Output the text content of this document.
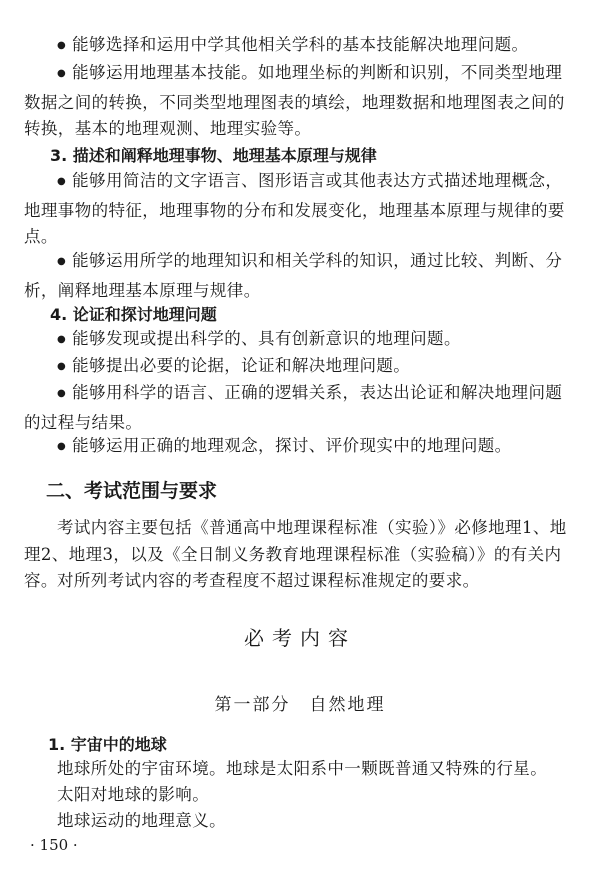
● 能够选择和运用中学其他相关学科的基本技能解决地理问题。

● 能够运用地理基本技能。如地理坐标的判断和识别，不同类型地理数据之间的转换，不同类型地理图表的填绘，地理数据和地理图表之间的转换，基本的地理观测、地理实验等。

3. 描述和阐释地理事物、地理基本原理与规律

● 能够用简洁的文字语言、图形语言或其他表达方式描述地理概念，地理事物的特征，地理事物的分布和发展变化，地理基本原理与规律的要点。

● 能够运用所学的地理知识和相关学科的知识，通过比较、判断、分析，阐释地理基本原理与规律。

4. 论证和探讨地理问题

● 能够发现或提出科学的、具有创新意识的地理问题。

● 能够提出必要的论据，论证和解决地理问题。

● 能够用科学的语言、正确的逻辑关系，表达出论证和解决地理问题的过程与结果。

● 能够运用正确的地理观念，探讨、评价现实中的地理问题。

二、考试范围与要求

考试内容主要包括《普通高中地理课程标准（实验）》必修地理1、地理2、地理3，以及《全日制义务教育地理课程标准（实验稿）》的有关内容。 对所列考试内容的考查程度不超过课程标准规定的要求。

必考内容

第一部分　自然地理

1. 宇宙中的地球

地球所处的宇宙环境。地球是太阳系中一颗既普通又特殊的行星。

太阳对地球的影响。

地球运动的地理意义。

· 150 ·
